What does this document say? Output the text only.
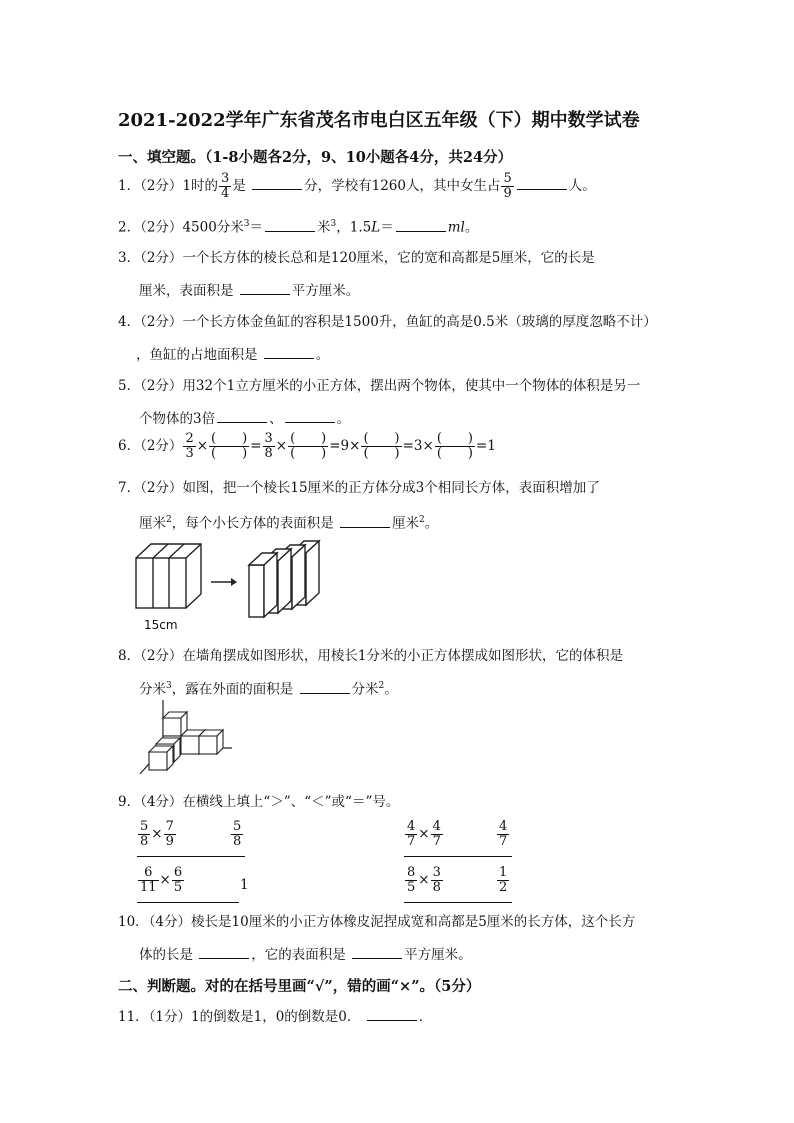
2021-2022学年广东省茂名市电白区五年级（下）期中数学试卷
一、填空题。（1-8小题各2分，9、10小题各4分，共24分）
1．（2分）1时的 $\frac{3}{4}$ 是	分，学校有1260人，其中女生占 $\frac{5}{9}$	人。
2．（2分）4500分米$^3$＝	米$^3$，1.5L＝	ml。
3．（2分）一个长方体的棱长总和是120厘米，它的宽和高都是5厘米，它的长是
厘米，表面积是	平方厘米。
4．（2分）一个长方体金鱼缸的容积是1500升，鱼缸的高是0.5米（玻璃的厚度忽略不计）
，鱼缸的占地面积是	。
5．（2分）用32个1立方厘米的小正方体，摆出两个物体，使其中一个物体的体积是另一
个物体的3倍	、	。
6．（2分） $\frac{2}{3}$ × (　　)
(　　) = $\frac{3}{8}$ × (　　)
(　　) =9× (　　)
(　　) =3× (　　)
(　　) =1
7．（2分）如图，把一个棱长15厘米的正方体分成3个相同长方体，表面积增加了
厘米$^2$，每个小长方体的表面积是	厘米$^2$。
15cm
8．（2分）在墙角摆成如图形状，用棱长1分米的小正方体摆成如图形状，它的体积是
分米$^3$，露在外面的面积是	分米$^2$。
9．（4分）在横线上填上“＞”、“＜”或“＝”号。
$\frac{5}{8} \times \frac{7}{9}$	$\frac{5}{8}$	$\frac{4}{7} \times \frac{4}{7}$	$\frac{4}{7}$
$\frac{6}{11} \times \frac{6}{5}$	1	$\frac{8}{5} \times \frac{3}{8}$	$\frac{1}{2}$
10．（4分）棱长是10厘米的小正方体橡皮泥捏成宽和高都是5厘米的长方体，这个长方
体的长是	，它的表面积是	平方厘米。
二、判断题。对的在括号里画“√”，错的画“×”。（5分）
11．（1分）1的倒数是1，0的倒数是0．	．
